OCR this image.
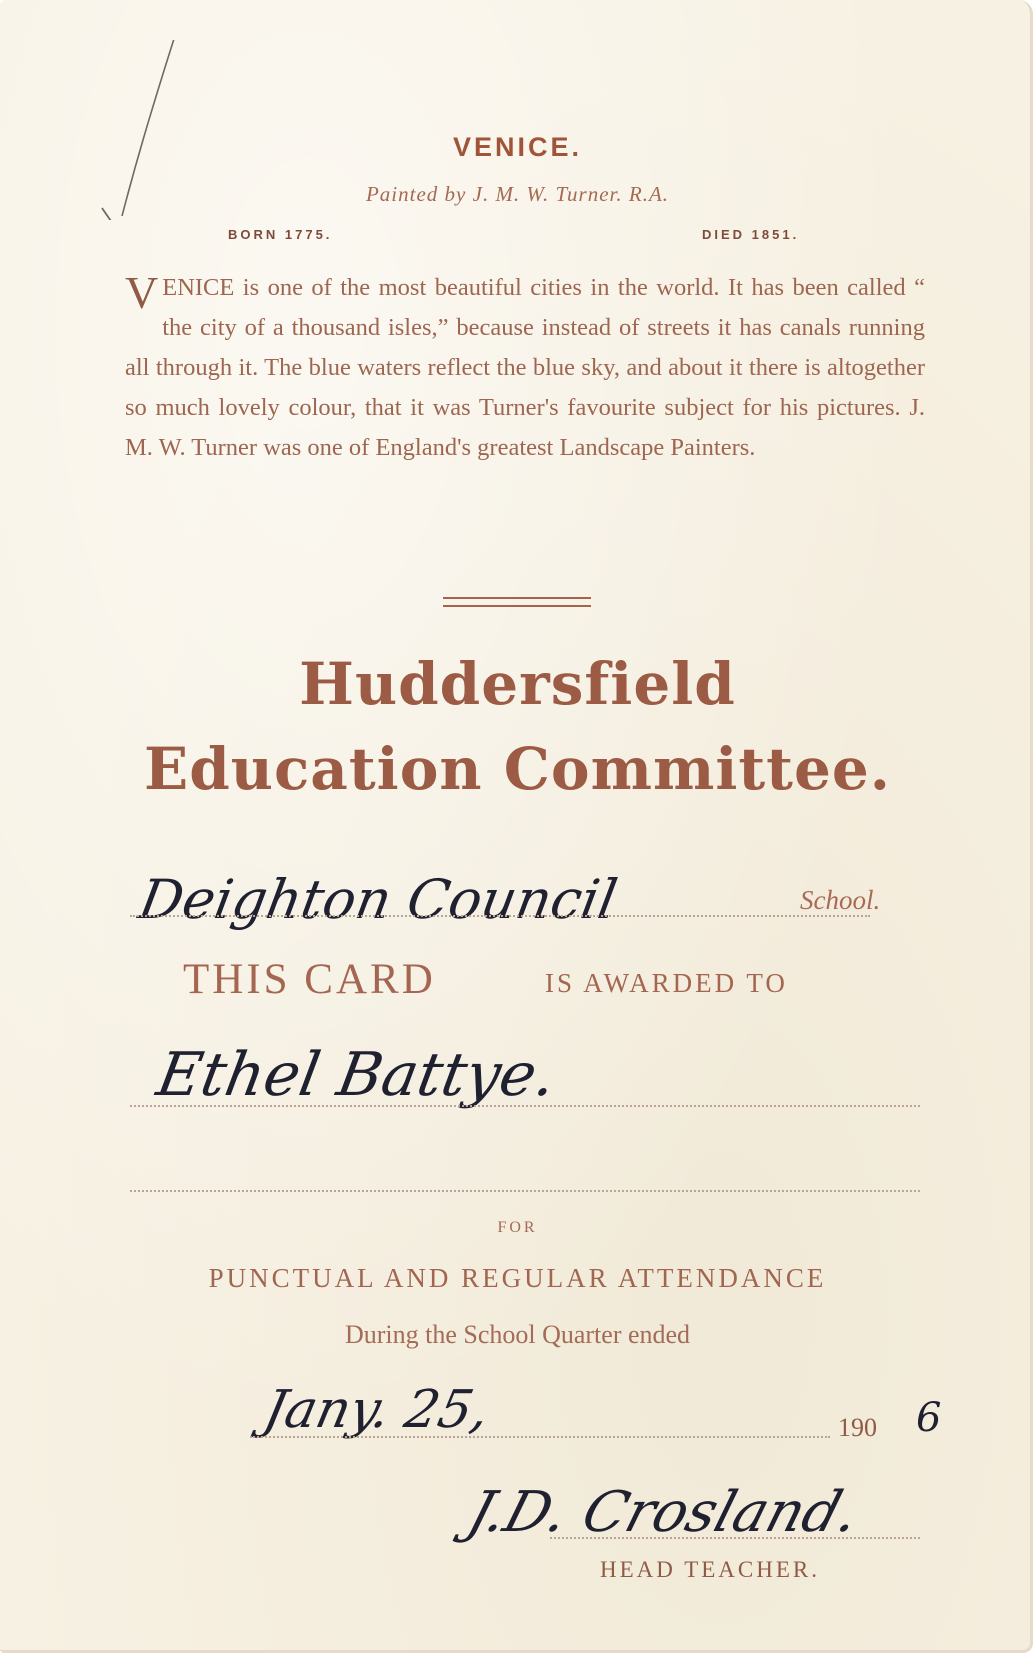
VENICE.
Painted by J. M. W. Turner. R.A.
BORN 1775.	DIED 1851.
VENICE is one of the most beautiful cities in the world. It has been called “ the city of a thousand isles,” because instead of streets it has canals running all through it. The blue waters reflect the blue sky, and about it there is altogether so much lovely colour, that it was Turner's favourite subject for his pictures. J. M. W. Turner was one of England's greatest Landscape Painters.
Huddersfield
Education Committee.
Deighton Council	School.
THIS CARD	IS AWARDED TO
Ethel Battye.
FOR
PUNCTUAL AND REGULAR ATTENDANCE
During the School Quarter ended
Jany. 25,	190 6
J.D. Crosland.
HEAD TEACHER.
